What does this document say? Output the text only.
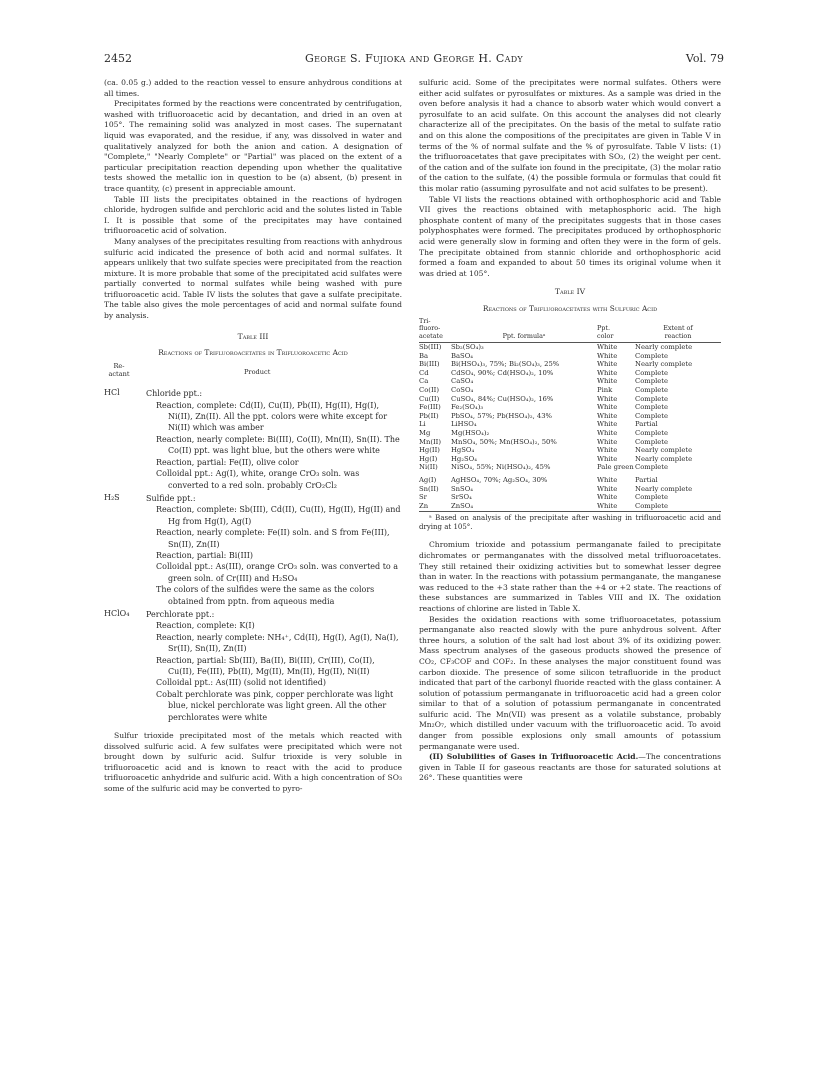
2452	George S. Fujioka and George H. Cady	Vol. 79

(ca. 0.05 g.) added to the reaction vessel to ensure anhydrous conditions at all times.

Precipitates formed by the reactions were concentrated by centrifugation, washed with trifluoroacetic acid by decantation, and dried in an oven at 105°. The remaining solid was analyzed in most cases. The supernatant liquid was evaporated, and the residue, if any, was dissolved in water and qualitatively analyzed for both the anion and cation. A designation of "Complete," "Nearly Complete" or "Partial" was placed on the extent of a particular precipitation reaction depending upon whether the qualitative tests showed the metallic ion in question to be (a) absent, (b) present in trace quantity, (c) present in appreciable amount.

Table III lists the precipitates obtained in the reactions of hydrogen chloride, hydrogen sulfide and perchloric acid and the solutes listed in Table I. It is possible that some of the precipitates may have contained trifluoroacetic acid of solvation.

Many analyses of the precipitates resulting from reactions with anhydrous sulfuric acid indicated the presence of both acid and normal sulfates. It appears unlikely that two sulfate species were precipitated from the reaction mixture. It is more probable that some of the precipitated acid sulfates were partially converted to normal sulfates while being washed with pure trifluoroacetic acid. Table IV lists the solutes that gave a sulfate precipitate. The table also gives the mole percentages of acid and normal sulfate found by analysis.

Table III
Reactions of Trifluoroacetates in Trifluoroacetic Acid
Re-
actant	Product
HCl	Chloride ppt.:
Reaction, complete: Cd(II), Cu(II), Pb(II), Hg(II), Hg(I), Ni(II), Zn(II). All the ppt. colors were white except for Ni(II) which was amber
Reaction, nearly complete: Bi(III), Co(II), Mn(II), Sn(II). The Co(II) ppt. was light blue, but the others were white
Reaction, partial: Fe(II), olive color
Colloidal ppt.: Ag(I), white, orange CrO₃ soln. was converted to a red soln. probably CrO₂Cl₂
H₂S	Sulfide ppt.:
Reaction, complete: Sb(III), Cd(II), Cu(II), Hg(II), Hg(II) and Hg from Hg(I), Ag(I)
Reaction, nearly complete: Fe(II) soln. and S from Fe(III), Sn(II), Zn(II)
Reaction, partial: Bi(III)
Colloidal ppt.: As(III), orange CrO₃ soln. was converted to a green soln. of Cr(III) and H₂SO₄
The colors of the sulfides were the same as the colors obtained from pptn. from aqueous media
HClO₄ Perchlorate ppt.:
Reaction, complete: K(I)
Reaction, nearly complete: NH₄⁺, Cd(II), Hg(I), Ag(I), Na(I), Sr(II), Sn(II), Zn(II)
Reaction, partial: Sb(III), Ba(II), Bi(III), Cr(III), Co(II), Cu(II), Fe(III), Pb(II), Mg(II), Mn(II), Hg(II), Ni(II)
Colloidal ppt.: As(III) (solid not identified)
Cobalt perchlorate was pink, copper perchlorate was light blue, nickel perchlorate was light green. All the other perchlorates were white

Sulfur trioxide precipitated most of the metals which reacted with dissolved sulfuric acid. A few sulfates were precipitated which were not brought down by sulfuric acid. Sulfur trioxide is very soluble in trifluoroacetic acid and is known to react with the acid to produce trifluoroacetic anhydride and sulfuric acid. With a high concentration of SO₃ some of the sulfuric acid may be converted to pyro-

sulfuric acid. Some of the precipitates were normal sulfates. Others were either acid sulfates or pyrosulfates or mixtures. As a sample was dried in the oven before analysis it had a chance to absorb water which would convert a pyrosulfate to an acid sulfate. On this account the analyses did not clearly characterize all of the precipitates. On the basis of the metal to sulfate ratio and on this alone the compositions of the precipitates are given in Table V in terms of the % of normal sulfate and the % of pyrosulfate. Table V lists: (1) the trifluoroacetates that gave precipitates with SO₃, (2) the weight per cent. of the cation and of the sulfate ion found in the precipitate, (3) the molar ratio of the cation to the sulfate, (4) the possible formula or formulas that could fit this molar ratio (assuming pyrosulfate and not acid sulfates to be present).

Table VI lists the reactions obtained with orthophosphoric acid and Table VII gives the reactions obtained with metaphosphoric acid. The high phosphate content of many of the precipitates suggests that in those cases polyphosphates were formed. The precipitates produced by orthophosphoric acid were generally slow in forming and often they were in the form of gels. The precipitate obtained from stannic chloride and orthophosphoric acid formed a foam and expanded to about 50 times its original volume when it was dried at 105°.

Table IV
Reactions of Trifluoroacetates with Sulfuric Acid
Tri-
fluoro-
acetate	Ppt. formulaᵃ	Ppt.
color	Extent of
reaction
Sb(III)	Sb₂(SO₄)₃	White	Nearly complete
Ba	BaSO₄	White	Complete
Bi(III)	Bi(HSO₄)₃, 75%; Bi₂(SO₄)₃, 25%	White	Nearly complete
Cd	CdSO₄, 90%; Cd(HSO₄)₂, 10%	White	Complete
Ca	CaSO₄	White	Complete
Co(II)	CoSO₄	Pink	Complete
Cu(II)	CuSO₄, 84%; Cu(HSO₄)₂, 16%	White	Complete
Fe(III)	Fe₂(SO₄)₃	White	Complete
Pb(II)	PbSO₄, 57%; Pb(HSO₄)₂, 43%	White	Complete
Li	LiHSO₄	White	Partial
Mg	Mg(HSO₄)₂	White	Complete
Mn(II)	MnSO₄, 50%; Mn(HSO₄)₂, 50%	White	Complete
Hg(II)	HgSO₄	White	Nearly complete
Hg(I)	Hg₂SO₄	White	Nearly complete
Ni(II)	NiSO₄, 55%; Ni(HSO₄)₂, 45%	Pale green	Complete

Ag(I)	AgHSO₄, 70%; Ag₂SO₄, 30%	White	Partial
Sn(II)	SnSO₄	White	Nearly complete
Sr	SrSO₄	White	Complete
Zn	ZnSO₄	White	Complete
ᵃ Based on analysis of the precipitate after washing in trifluoroacetic acid and drying at 105°.

Chromium trioxide and potassium permanganate failed to precipitate dichromates or permanganates with the dissolved metal trifluoroacetates. They still retained their oxidizing activities but to somewhat lesser degree than in water. In the reactions with potassium permanganate, the manganese was reduced to the +3 state rather than the +4 or +2 state. The reactions of these substances are summarized in Tables VIII and IX. The oxidation reactions of chlorine are listed in Table X.

Besides the oxidation reactions with some trifluoroacetates, potassium permanganate also reacted slowly with the pure anhydrous solvent. After three hours, a solution of the salt had lost about 3% of its oxidizing power. Mass spectrum analyses of the gaseous products showed the presence of CO₂, CF₃COF and COF₂. In these analyses the major constituent found was carbon dioxide. The presence of some silicon tetrafluoride in the product indicated that part of the carbonyl fluoride reacted with the glass container. A solution of potassium permanganate in trifluoroacetic acid had a green color similar to that of a solution of potassium permanganate in concentrated sulfuric acid. The Mn(VII) was present as a volatile substance, probably Mn₂O₇, which distilled under vacuum with the trifluoroacetic acid. To avoid danger from possible explosions only small amounts of potassium permanganate were used.

(II) Solubilities of Gases in Trifluoroacetic Acid.—The concentrations given in Table II for gaseous reactants are those for saturated solutions at 26°. These quantities were
